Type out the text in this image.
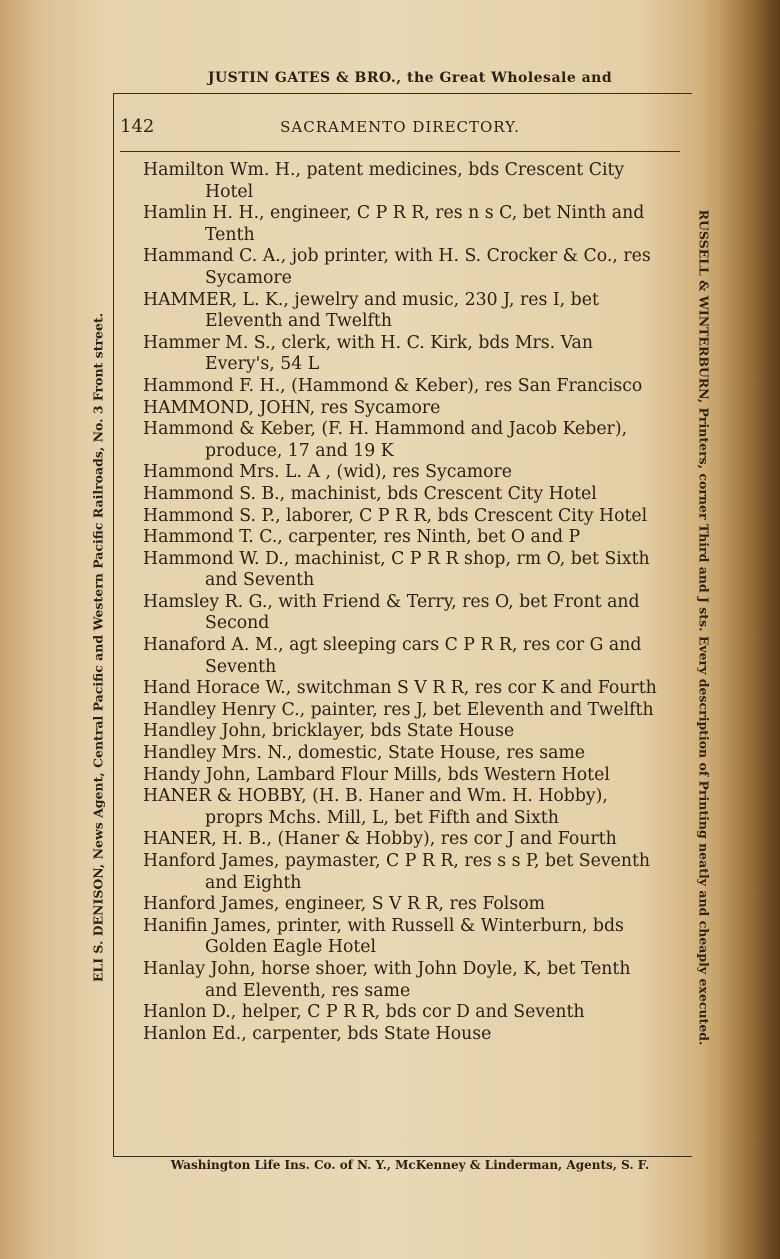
JUSTIN GATES & BRO., the Great Wholesale and
ELI S. DENISON, News Agent, Central Pacific and Western Pacific Railroads, No. 3 Front street.	RUSSELL & WINTERBURN, Printers, corner Third and J sts. Every description of Printing neatly and cheaply executed.
142	SACRAMENTO DIRECTORY.

Hamilton Wm. H., patent medicines, bds Crescent City Hotel

Hamlin H. H., engineer, C P R R, res n s C, bet Ninth and Tenth

Hammand C. A., job printer, with H. S. Crocker & Co., res Sycamore

HAMMER, L. K., jewelry and music, 230 J, res I, bet Eleventh and Twelfth

Hammer M. S., clerk, with H. C. Kirk, bds Mrs. Van Every's, 54 L

Hammond F. H., (Hammond & Keber), res San Francisco

HAMMOND, JOHN, res Sycamore

Hammond & Keber, (F. H. Hammond and Jacob Keber), produce, 17 and 19 K

Hammond Mrs. L. A , (wid), res Sycamore

Hammond S. B., machinist, bds Crescent City Hotel

Hammond S. P., laborer, C P R R, bds Crescent City Hotel

Hammond T. C., carpenter, res Ninth, bet O and P

Hammond W. D., machinist, C P R R shop, rm O, bet Sixth and Seventh

Hamsley R. G., with Friend & Terry, res O, bet Front and Second

Hanaford A. M., agt sleeping cars C P R R, res cor G and Seventh

Hand Horace W., switchman S V R R, res cor K and Fourth

Handley Henry C., painter, res J, bet Eleventh and Twelfth

Handley John, bricklayer, bds State House

Handley Mrs. N., domestic, State House, res same

Handy John, Lambard Flour Mills, bds Western Hotel

HANER & HOBBY, (H. B. Haner and Wm. H. Hobby), proprs Mchs. Mill, L, bet Fifth and Sixth

HANER, H. B., (Haner & Hobby), res cor J and Fourth

Hanford James, paymaster, C P R R, res s s P, bet Seventh and Eighth

Hanford James, engineer, S V R R, res Folsom

Hanifin James, printer, with Russell & Winterburn, bds Golden Eagle Hotel

Hanlay John, horse shoer, with John Doyle, K, bet Tenth and Eleventh, res same

Hanlon D., helper, C P R R, bds cor D and Seventh

Hanlon Ed., carpenter, bds State House

Washington Life Ins. Co. of N. Y., McKenney & Linderman, Agents, S. F.
